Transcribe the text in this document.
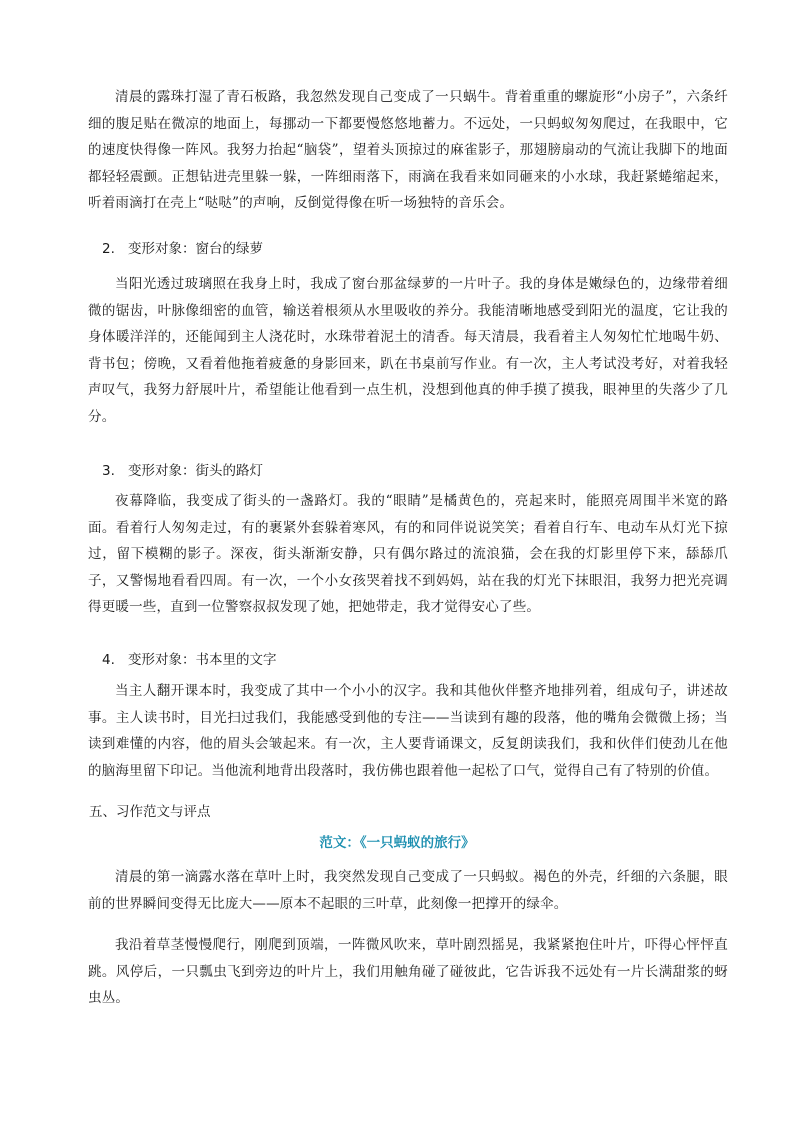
清晨的露珠打湿了青石板路，我忽然发现自己变成了一只蜗牛。背着重重的螺旋形“小房子”，六条纤细的腹足贴在微凉的地面上，每挪动一下都要慢悠悠地蓄力。不远处，一只蚂蚁匆匆爬过，在我眼中，它的速度快得像一阵风。我努力抬起“脑袋”，望着头顶掠过的麻雀影子，那翅膀扇动的气流让我脚下的地面都轻轻震颤。正想钻进壳里躲一躲，一阵细雨落下，雨滴在我看来如同砸来的小水球，我赶紧蜷缩起来，听着雨滴打在壳上“哒哒”的声响，反倒觉得像在听一场独特的音乐会。

2. 变形对象：窗台的绿萝

当阳光透过玻璃照在我身上时，我成了窗台那盆绿萝的一片叶子。我的身体是嫩绿色的，边缘带着细微的锯齿，叶脉像细密的血管，输送着根须从水里吸收的养分。我能清晰地感受到阳光的温度，它让我的身体暖洋洋的，还能闻到主人浇花时，水珠带着泥土的清香。每天清晨，我看着主人匆匆忙忙地喝牛奶、背书包；傍晚，又看着他拖着疲惫的身影回来，趴在书桌前写作业。有一次，主人考试没考好，对着我轻声叹气，我努力舒展叶片，希望能让他看到一点生机，没想到他真的伸手摸了摸我，眼神里的失落少了几分。

3. 变形对象：街头的路灯

夜幕降临，我变成了街头的一盏路灯。我的“眼睛”是橘黄色的，亮起来时，能照亮周围半米宽的路面。看着行人匆匆走过，有的裹紧外套躲着寒风，有的和同伴说说笑笑；看着自行车、电动车从灯光下掠过，留下模糊的影子。深夜，街头渐渐安静，只有偶尔路过的流浪猫，会在我的灯影里停下来，舔舔爪子，又警惕地看看四周。有一次，一个小女孩哭着找不到妈妈，站在我的灯光下抹眼泪，我努力把光亮调得更暖一些，直到一位警察叔叔发现了她，把她带走，我才觉得安心了些。

4. 变形对象：书本里的文字

当主人翻开课本时，我变成了其中一个小小的汉字。我和其他伙伴整齐地排列着，组成句子，讲述故事。主人读书时，目光扫过我们，我能感受到他的专注——当读到有趣的段落，他的嘴角会微微上扬；当读到难懂的内容，他的眉头会皱起来。有一次，主人要背诵课文，反复朗读我们，我和伙伴们使劲儿在他的脑海里留下印记。当他流利地背出段落时，我仿佛也跟着他一起松了口气，觉得自己有了特别的价值。

五、习作范文与评点

范文：《一只蚂蚁的旅行》

清晨的第一滴露水落在草叶上时，我突然发现自己变成了一只蚂蚁。褐色的外壳，纤细的六条腿，眼前的世界瞬间变得无比庞大——原本不起眼的三叶草，此刻像一把撑开的绿伞。

我沿着草茎慢慢爬行，刚爬到顶端，一阵微风吹来，草叶剧烈摇晃，我紧紧抱住叶片，吓得心怦怦直跳。风停后，一只瓢虫飞到旁边的叶片上，我们用触角碰了碰彼此，它告诉我不远处有一片长满甜浆的蚜虫丛。
